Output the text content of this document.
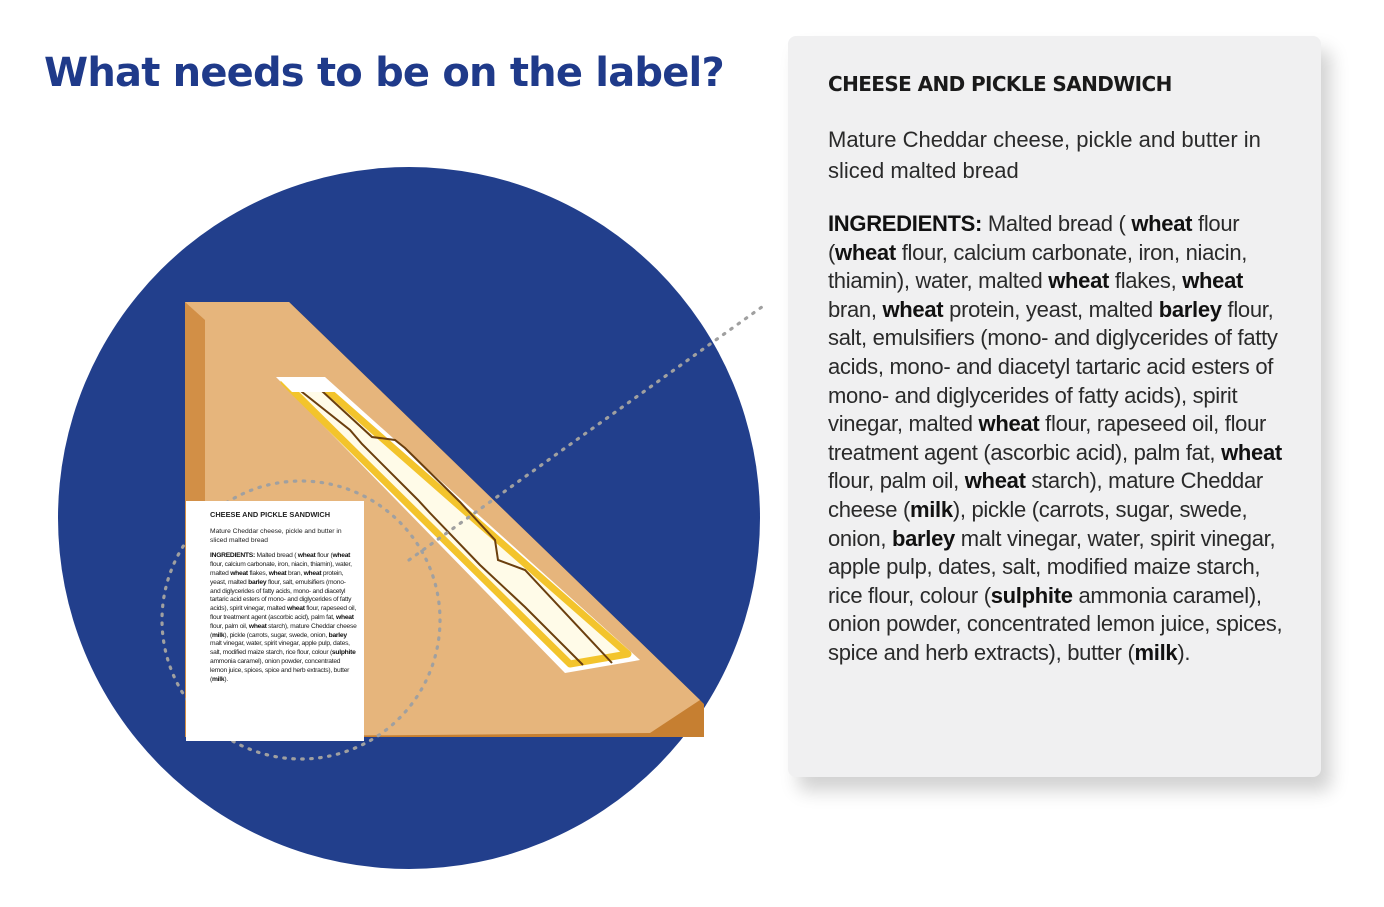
What needs to be on the label?

CHEESE AND PICKLE SANDWICH

Mature Cheddar cheese, pickle and butter in sliced malted bread

INGREDIENTS: Malted bread ( wheat flour (wheat flour, calcium carbonate, iron, niacin, thiamin), water, malted wheat flakes, wheat bran, wheat protein, yeast, malted barley flour, salt, emulsifiers (mono- and diglycerides of fatty acids, mono- and diacetyl tartaric acid esters of mono- and diglycerides of fatty acids), spirit vinegar, malted wheat flour, rapeseed oil, flour treatment agent (ascorbic acid), palm fat, wheat flour, palm oil, wheat starch), mature Cheddar cheese (milk), pickle (carrots, sugar, swede, onion, barley malt vinegar, water, spirit vinegar, apple pulp, dates, salt, modified maize starch, rice flour, colour (sulphite ammonia caramel), onion powder, concentrated lemon juice, spices, spice and herb extracts), butter (milk).

CHEESE AND PICKLE SANDWICH

Mature Cheddar cheese, pickle and butter in sliced malted bread

INGREDIENTS: Malted bread ( wheat flour (wheat flour, calcium carbonate, iron, niacin, thiamin), water, malted wheat flakes, wheat bran, wheat protein, yeast, malted barley flour, salt, emulsifiers (mono- and diglycerides of fatty acids, mono- and diacetyl tartaric acid esters of mono- and diglycerides of fatty acids), spirit vinegar, malted wheat flour, rapeseed oil, flour treatment agent (ascorbic acid), palm fat, wheat flour, palm oil, wheat starch), mature Cheddar cheese (milk), pickle (carrots, sugar, swede, onion, barley malt vinegar, water, spirit vinegar, apple pulp, dates, salt, modified maize starch, rice flour, colour (sulphite ammonia caramel), onion powder, concentrated lemon juice, spices, spice and herb extracts), butter (milk).
